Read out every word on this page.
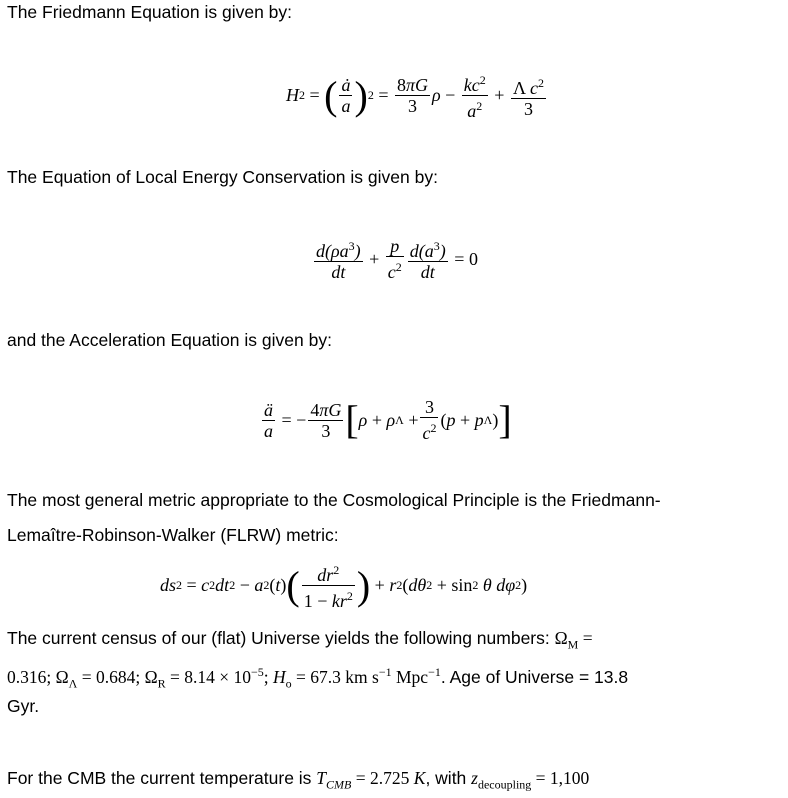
The Friedmann Equation is given by:
H 2 = ( $\frac{ȧ}{a}$ ) $2 = \frac{8\pi G}{3}$ $\rho - \frac{kc^2}{a^2} + \frac{\Lambda c^2}{3}$
The Equation of Local Energy Conservation is given by:
$\frac{d(\rho a^3)}{dt} + \frac{p}{c^2} \frac{d(a^3)}{dt} = 0$
and the Acceleration Equation is given by:
$\frac{ä}{a}$ = − $\frac{4\pi G}{3}$ [ ρ + ρ $\Lambda + \frac{3}{c^2}$ ( p + p Λ ) ]
The most general metric appropriate to the Cosmological Principle is the Friedmann-
Lemaître-Robinson-Walker (FLRW) metric:
ds 2 = c 2 dt 2 − a 2 ( t ) ( $\frac{dr^2}{1 - kr^2}$ ) + r 2 ( dθ 2 + sin 2
θ
dφ 2 )
The current census of our (flat) Universe yields the following numbers: $\Omega_M$ =
0.316; $\Omega_\Lambda = 0.684$; $\Omega_R = 8.14 \times 10^{-5}$; $H_o = 67.3$ km $s^{-1}$ Mpc$^{-1}$. Age of Universe = 13.8
Gyr.
For the CMB the current temperature is $T_{CMB} = 2.725$ K, with $z_{decoupling} = 1,100$
